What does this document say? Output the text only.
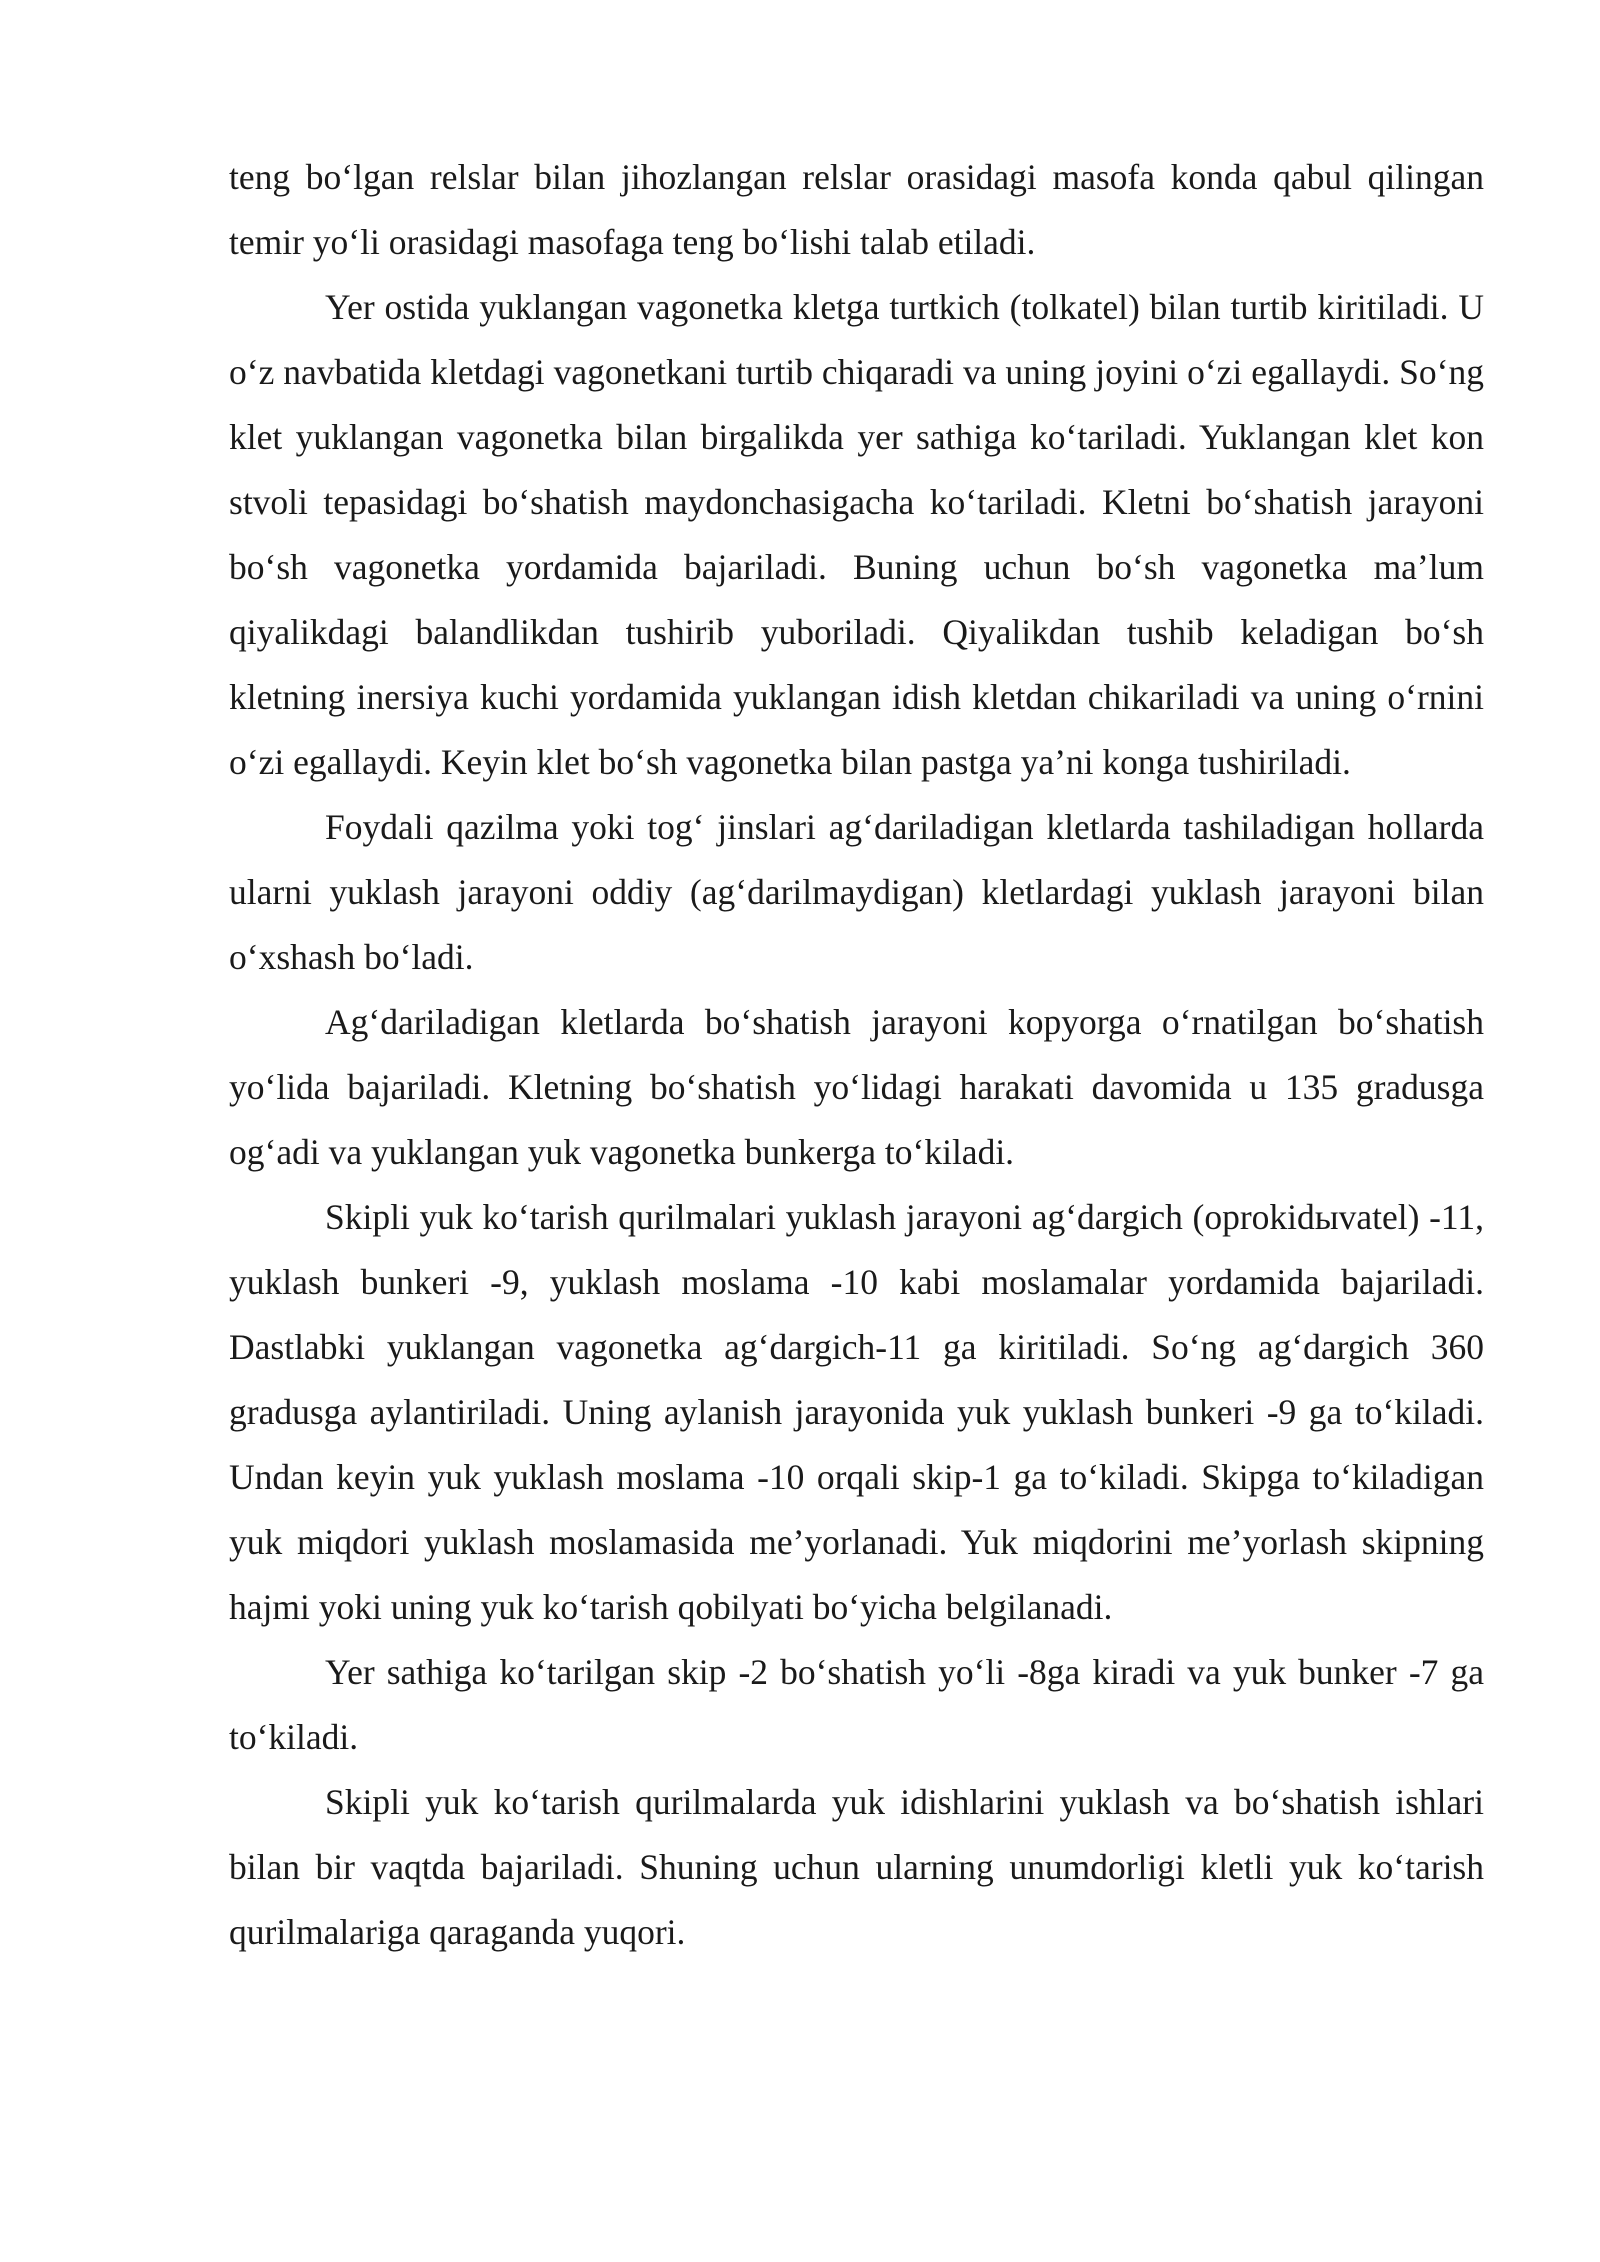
teng bo‘lgan relslar bilan jihozlangan relslar orasidagi masofa konda qabul qilingan temir yo‘li orasidagi masofaga teng bo‘lishi talab etiladi.

Yer ostida yuklangan vagonetka kletga turtkich (tolkatel) bilan turtib kiritiladi. U o‘z navbatida kletdagi vagonetkani turtib chiqaradi va uning joyini o‘zi egallaydi. So‘ng klet yuklangan vagonetka bilan birgalikda yer sathiga ko‘tariladi. Yuklangan klet kon stvoli tepasidagi bo‘shatish maydonchasigacha ko‘tariladi. Kletni bo‘shatish jarayoni bo‘sh vagonetka yordamida bajariladi. Buning uchun bo‘sh vagonetka ma’lum qiyalikdagi balandlikdan tushirib yuboriladi. Qiyalikdan tushib keladigan bo‘sh kletning inersiya kuchi yordamida yuklangan idish kletdan chikariladi va uning o‘rnini o‘zi egallaydi. Keyin klet bo‘sh vagonetka bilan pastga ya’ni konga tushiriladi.

Foydali qazilma yoki tog‘ jinslari ag‘dariladigan kletlarda tashiladigan hollarda ularni yuklash jarayoni oddiy (ag‘darilmaydigan) kletlardagi yuklash jarayoni bilan o‘xshash bo‘ladi.

Ag‘dariladigan kletlarda bo‘shatish jarayoni kopyorga o‘rnatilgan bo‘shatish yo‘lida bajariladi. Kletning bo‘shatish yo‘lidagi harakati davomida u 135 gradusga og‘adi va yuklangan yuk vagonetka bunkerga to‘kiladi.

Skipli yuk ko‘tarish qurilmalari yuklash jarayoni ag‘dargich (oprokidыvatel) -11, yuklash bunkeri -9, yuklash moslama -10 kabi moslamalar yordamida bajariladi. Dastlabki yuklangan vagonetka ag‘dargich-11 ga kiritiladi. So‘ng ag‘dargich 360 gradusga aylantiriladi. Uning aylanish jarayonida yuk yuklash bunkeri -9 ga to‘kiladi. Undan keyin yuk yuklash moslama -10 orqali skip-1 ga to‘kiladi. Skipga to‘kiladigan yuk miqdori yuklash moslamasida me’yorlanadi. Yuk miqdorini me’yorlash skipning hajmi yoki uning yuk ko‘tarish qobilyati bo‘yicha belgilanadi.

Yer sathiga ko‘tarilgan skip -2 bo‘shatish yo‘li -8ga kiradi va yuk bunker -7 ga to‘kiladi.

Skipli yuk ko‘tarish qurilmalarda yuk idishlarini yuklash va bo‘shatish ishlari bilan bir vaqtda bajariladi. Shuning uchun ularning unumdorligi kletli yuk ko‘tarish qurilmalariga qaraganda yuqori.
